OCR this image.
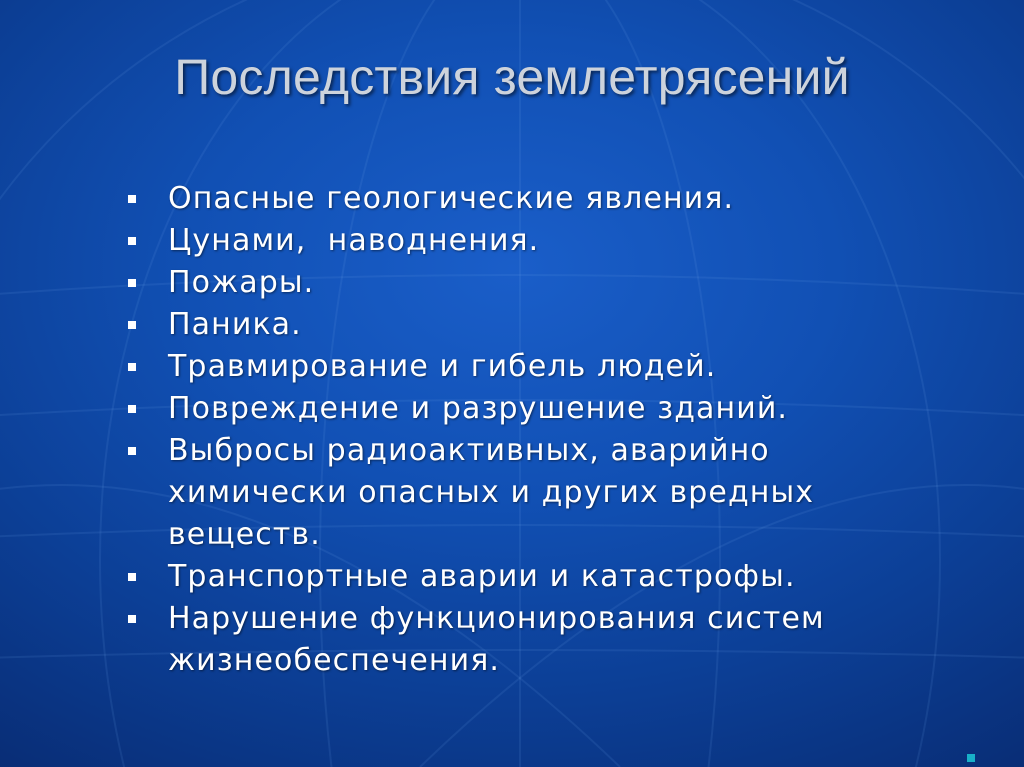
Последствия землетрясений
Опасные геологические явления.
Цунами,  наводнения.
Пожары.
Паника.
Травмирование и гибель людей.
Повреждение и разрушение зданий.
Выбросы радиоактивных, аварийно химически опасных и других вредных веществ.
Транспортные аварии и катастрофы.
Нарушение функционирования систем жизнеобеспечения.
